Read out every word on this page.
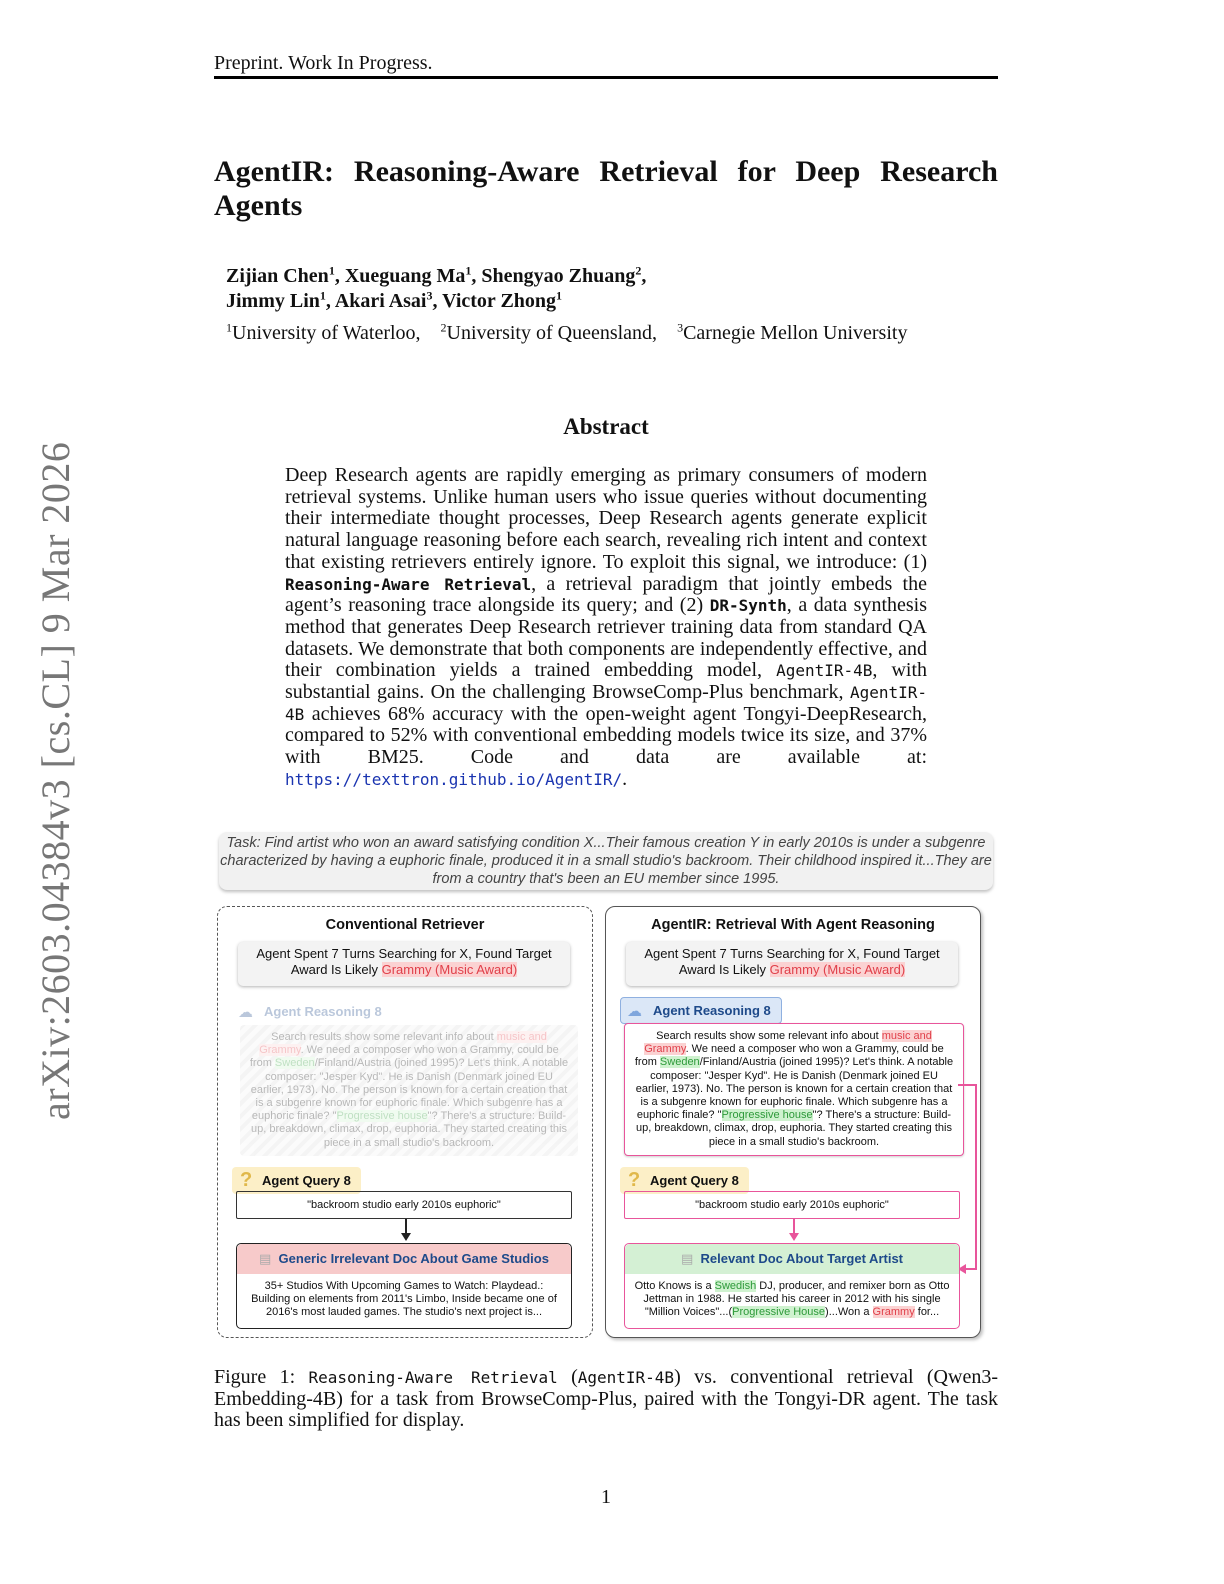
Preprint. Work In Progress.
AgentIR: Reasoning-Aware Retrieval for Deep Research
Agents
Zijian Chen$^1$, Xueguang Ma$^1$, Shengyao Zhuang$^2$,
Jimmy Lin$^1$, Akari Asai$^3$, Victor Zhong$^1$
$^1$University of Waterloo, $^2$University of Queensland, $^3$Carnegie Mellon University
arXiv:2603.04384v3 [cs.CL] 9 Mar 2026
Abstract
Deep Research agents are rapidly emerging as primary consumers of modern retrieval systems. Unlike human users who issue queries without documenting their intermediate thought processes, Deep Research agents generate explicit natural language reasoning before each search, revealing rich intent and context that existing retrievers entirely ignore. To exploit this signal, we introduce: (1) Reasoning-Aware Retrieval, a retrieval paradigm that jointly embeds the agent’s reasoning trace alongside its query; and (2) DR-Synth, a data synthesis method that generates Deep Research retriever training data from standard QA datasets. We demonstrate that both components are independently effective, and their combination yields a trained embedding model, AgentIR-4B, with substantial gains. On the challenging BrowseComp-Plus benchmark, AgentIR-4B achieves 68% accuracy with the open-weight agent Tongyi-DeepResearch, compared to 52% with conventional embedding models twice its size, and 37% with BM25. Code and data are available at: https://texttron.github.io/AgentIR/.
Task: Find artist who won an award satisfying condition X...Their famous creation Y in early 2010s is under a subgenre characterized by having a euphoric finale, produced it in a small studio's backroom. Their childhood inspired it...They are from a country that's been an EU member since 1995.
Conventional Retriever
Agent Spent 7 Turns Searching for X, Found Target Award Is Likely Grammy (Music Award)
☁ Agent Reasoning 8
Search results show some relevant info about music and Grammy. We need a composer who won a Grammy, could be from Sweden/Finland/Austria (joined 1995)? Let's think. A notable composer: "Jesper Kyd". He is Danish (Denmark joined EU earlier, 1973). No. The person is known for a certain creation that is a subgenre known for euphoric finale. Which subgenre has a euphoric finale? "Progressive house"? There's a structure: Build-up, breakdown, climax, drop, euphoria. They started creating this piece in a small studio's backroom.
? Agent Query 8
"backroom studio early 2010s euphoric"
▤ Generic Irrelevant Doc About Game Studios
35+ Studios With Upcoming Games to Watch: Playdead.: Building on elements from 2011's Limbo, Inside became one of 2016's most lauded games. The studio's next project is...
AgentIR: Retrieval With Agent Reasoning
Agent Spent 7 Turns Searching for X, Found Target Award Is Likely Grammy (Music Award)
☁ Agent Reasoning 8
Search results show some relevant info about music and Grammy. We need a composer who won a Grammy, could be from Sweden/Finland/Austria (joined 1995)? Let's think. A notable composer: "Jesper Kyd". He is Danish (Denmark joined EU earlier, 1973). No. The person is known for a certain creation that is a subgenre known for euphoric finale. Which subgenre has a euphoric finale? "Progressive house"? There's a structure: Build-up, breakdown, climax, drop, euphoria. They started creating this piece in a small studio's backroom.
? Agent Query 8
"backroom studio early 2010s euphoric"
▤ Relevant Doc About Target Artist
Otto Knows is a Swedish DJ, producer, and remixer born as Otto Jettman in 1988. He started his career in 2012 with his single "Million Voices"...(Progressive House)...Won a Grammy for...
Figure 1: Reasoning-Aware Retrieval (AgentIR-4B) vs. conventional retrieval (Qwen3-Embedding-4B) for a task from BrowseComp-Plus, paired with the Tongyi-DR agent. The task has been simplified for display.
1
